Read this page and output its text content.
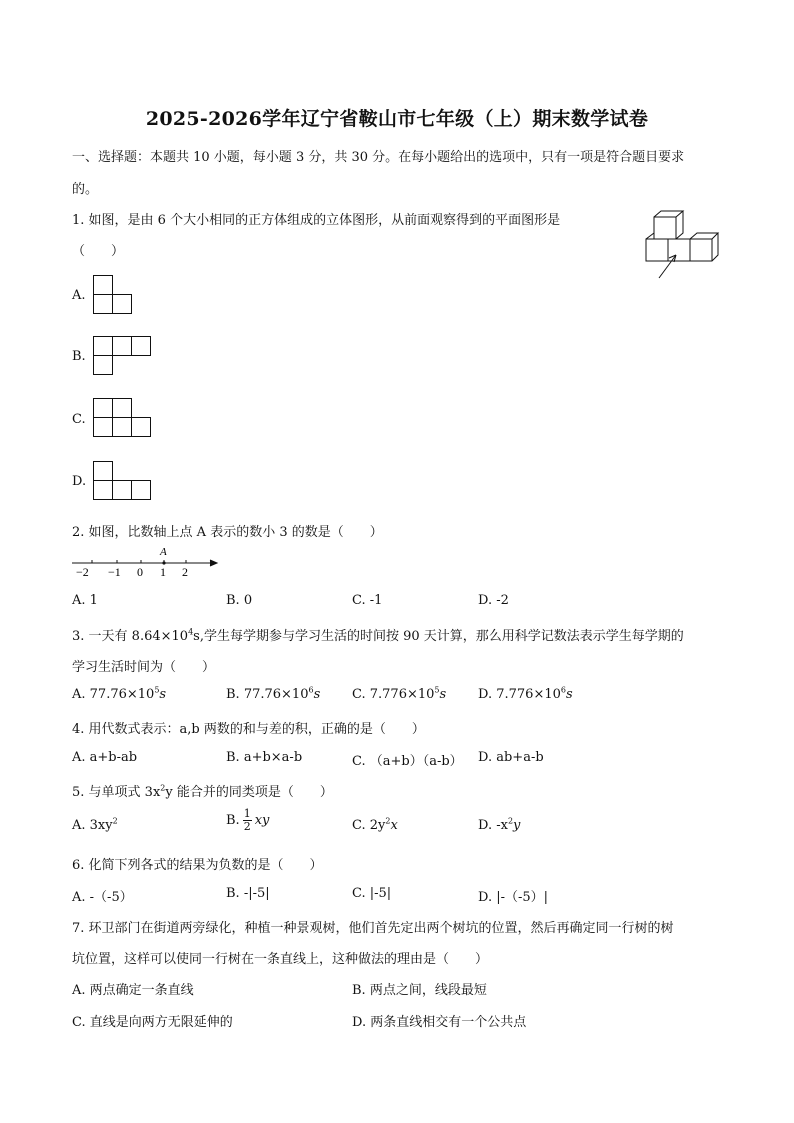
2025-2026学年辽宁省鞍山市七年级（上）期末数学试卷
一、选择题：本题共 10 小题，每小题 3 分，共 30 分。在每小题给出的选项中，只有一项是符合题目要求
的。
1. 如图，是由 6 个大小相同的正方体组成的立体图形，从前面观察得到的平面图形是
（　　）
A.
B.
C.
D.
2. 如图，比数轴上点 A 表示的数小 3 的数是（　　）
A
−2 −1 0 1 2
A. 1	B. 0	C. -1	D. -2
3. 一天有 $8.64\times 10^4s$,学生每学期参与学习生活的时间按 90 天计算，那么用科学记数法表示学生每学期的
学习生活时间为（　　）
A. $77.76\times 10^5s$	B. $77.76\times 10^6s$ C. $7.776\times 10^5s$ D. $7.776\times 10^6s$
4. 用代数式表示：a,b 两数的和与差的积，正确的是（　　）
A. a+b-ab	B. a+b×a-b	C. （a+b）（a-b） D. ab+a-b
5. 与单项式 $3x^2y$ 能合并的同类项是（　　）
A. $3xy^2$	B. $\frac{1}{2}$ xy	C. $2y^2x$	D. $-x^2y$
6. 化简下列各式的结果为负数的是（　　）
A. -（-5）	B. -|-5|	C. |-5|	D. |-（-5）|
7. 环卫部门在街道两旁绿化，种植一种景观树，他们首先定出两个树坑的位置，然后再确定同一行树的树
坑位置，这样可以使同一行树在一条直线上，这种做法的理由是（　　）
A. 两点确定一条直线	B. 两点之间，线段最短
C. 直线是向两方无限延伸的	D. 两条直线相交有一个公共点
